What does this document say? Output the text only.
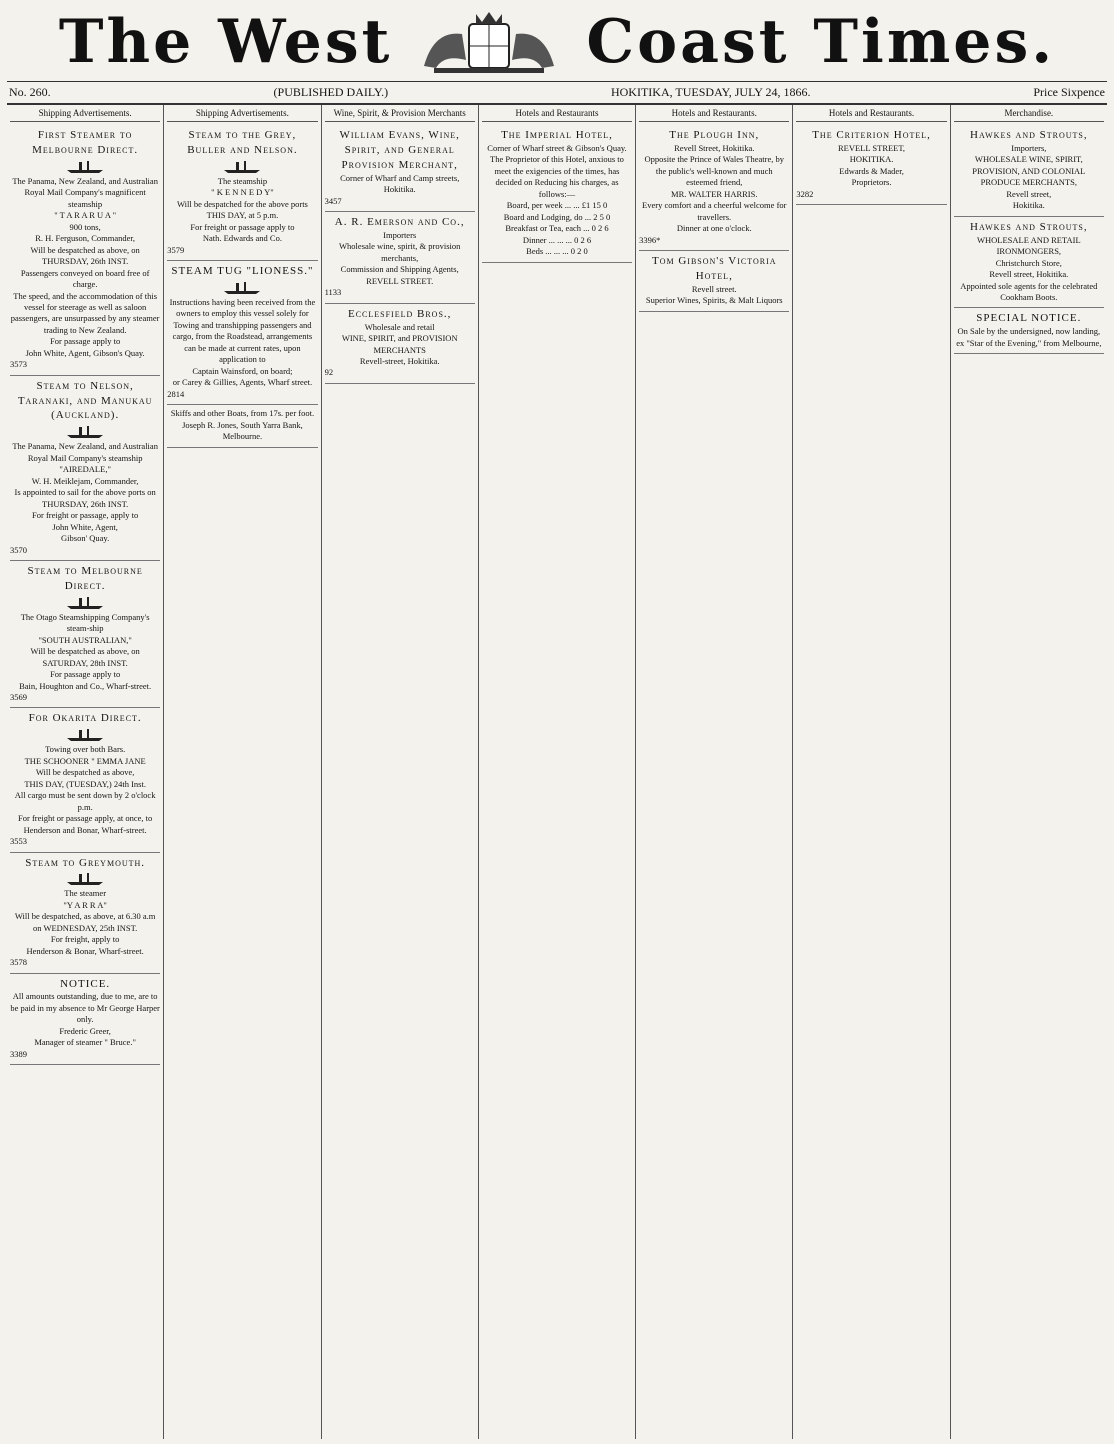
The West	Coast Times.
No. 260.	(PUBLISHED DAILY.)	HOKITIKA, TUESDAY, JULY 24, 1866.	Price Sixpence
Shipping Advertisements.
First Steamer to Melbourne Direct.
The Panama, New Zealand, and Australian Royal Mail Company's magnificent steamship
" T A R A R U A "
900 tons,
R. H. Ferguson, Commander,
Will be despatched as above, on
THURSDAY, 26th INST.
Passengers conveyed on board free of charge.
The speed, and the accommodation of this vessel for steerage as well as saloon passengers, are unsurpassed by any steamer trading to New Zealand.
For passage apply to
John White, Agent, Gibson's Quay.
3573
Steam to Nelson, Taranaki, and Manukau (Auckland).
The Panama, New Zealand, and Australian Royal Mail Company's steamship
"AIREDALE,"
W. H. Meiklejam, Commander,
Is appointed to sail for the above ports on
THURSDAY, 26th INST.
For freight or passage, apply to
John White, Agent,
Gibson' Quay.
3570
Steam to Melbourne Direct.
The Otago Steamshipping Company's steam-ship
"SOUTH AUSTRALIAN,"
Will be despatched as above, on
SATURDAY, 28th INST.
For passage apply to
Bain, Houghton and Co., Wharf-street.
3569
For Okarita Direct.
Towing over both Bars.
THE SCHOONER " EMMA JANE
Will be despatched as above,
THIS DAY, (TUESDAY,) 24th Inst.
All cargo must be sent down by 2 o'clock p.m.
For freight or passage apply, at once, to
Henderson and Bonar, Wharf-street.
3553
Steam to Greymouth.
The steamer
"Y A R R A"
Will be despatched, as above, at 6.30 a.m on WEDNESDAY, 25th INST.
For freight, apply to
Henderson & Bonar, Wharf-street.
3578
NOTICE.
All amounts outstanding, due to me, are to be paid in my absence to Mr George Harper only.
Frederic Greer,
Manager of steamer " Bruce."
3389
Shipping Advertisements.
Steam to the Grey, Buller and Nelson.
The steamship
" K E N N E D Y"
Will be despatched for the above ports THIS DAY, at 5 p.m.
For freight or passage apply to
Nath. Edwards and Co.
3579
STEAM TUG "LIONESS."
Instructions having been received from the owners to employ this vessel solely for Towing and transhipping passengers and cargo, from the Roadstead, arrangements can be made at current rates, upon application to
Captain Wainsford, on board;
or Carey & Gillies, Agents, Wharf street.
2814
Skiffs and other Boats, from 17s. per foot. Joseph R. Jones, South Yarra Bank, Melbourne.
Wine, Spirit, & Provision Merchants
William Evans, Wine, Spirit, and General Provision Merchant,
Corner of Wharf and Camp streets,
Hokitika.
3457
A. R. Emerson and Co.,
Importers
Wholesale wine, spirit, & provision merchants,
Commission and Shipping Agents,
REVELL STREET.
1133
Ecclesfield Bros.,
Wholesale and retail
WINE, SPIRIT, and PROVISION MERCHANTS
Revell-street, Hokitika.
92
Hotels and Restaurants
The Imperial Hotel,
Corner of Wharf street & Gibson's Quay.
The Proprietor of this Hotel, anxious to meet the exigencies of the times, has decided on Reducing his charges, as follows:—
Board, per week ... ... £1 15 0
Board and Lodging, do ... 2 5 0
Breakfast or Tea, each ... 0 2 6
Dinner ... ... ... 0 2 6
Beds ... ... ... 0 2 0
Hotels and Restaurants.
The Plough Inn,
Revell Street, Hokitika.
Opposite the Prince of Wales Theatre, by the public's well-known and much esteemed friend,
MR. WALTER HARRIS.
Every comfort and a cheerful welcome for travellers.
Dinner at one o'clock.
3396*
Tom Gibson's Victoria Hotel,
Revell street.
Superior Wines, Spirits, & Malt Liquors
Hotels and Restaurants.
The Criterion Hotel,
REVELL STREET,
HOKITIKA.
Edwards & Mader,
Proprietors.
3282
Merchandise.
Hawkes and Strouts,
Importers,
WHOLESALE WINE, SPIRIT, PROVISION, AND COLONIAL PRODUCE MERCHANTS,
Revell street,
Hokitika.
Hawkes and Strouts,
WHOLESALE AND RETAIL IRONMONGERS,
Christchurch Store,
Revell street, Hokitika.
Appointed sole agents for the celebrated Cookham Boots.
SPECIAL NOTICE.
On Sale by the undersigned, now landing, ex "Star of the Evening," from Melbourne,
